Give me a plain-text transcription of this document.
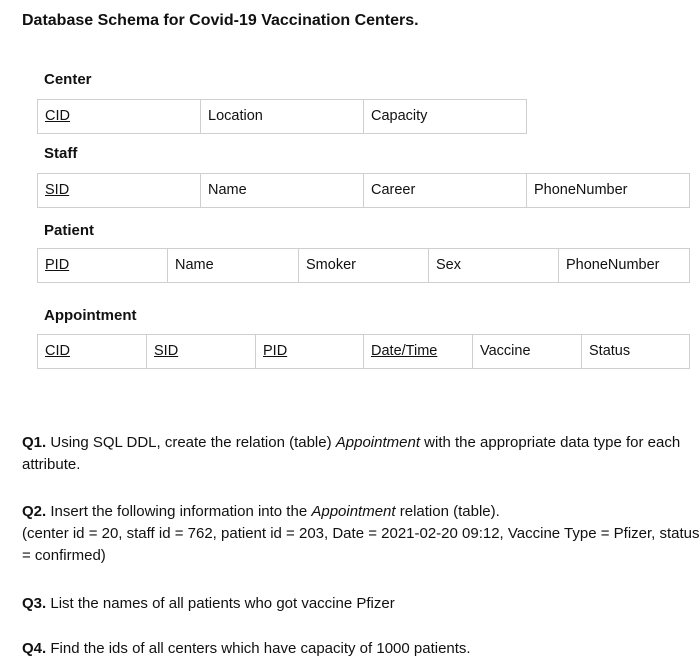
Database Schema for Covid-19 Vaccination Centers.
Center
CID	Location	Capacity
Staff
SID	Name	Career	PhoneNumber
Patient
PID	Name	Smoker	Sex	PhoneNumber
Appointment
CID	SID	PID	Date/Time	Vaccine	Status
Q1. Using SQL DDL, create the relation (table) Appointment with the appropriate data type for each attribute.
Q2. Insert the following information into the Appointment relation (table).
(center id = 20, staff id = 762, patient id = 203, Date = 2021-02-20 09:12, Vaccine Type = Pfizer, status = confirmed)
Q3. List the names of all patients who got vaccine Pfizer
Q4. Find the ids of all centers which have capacity of 1000 patients.
